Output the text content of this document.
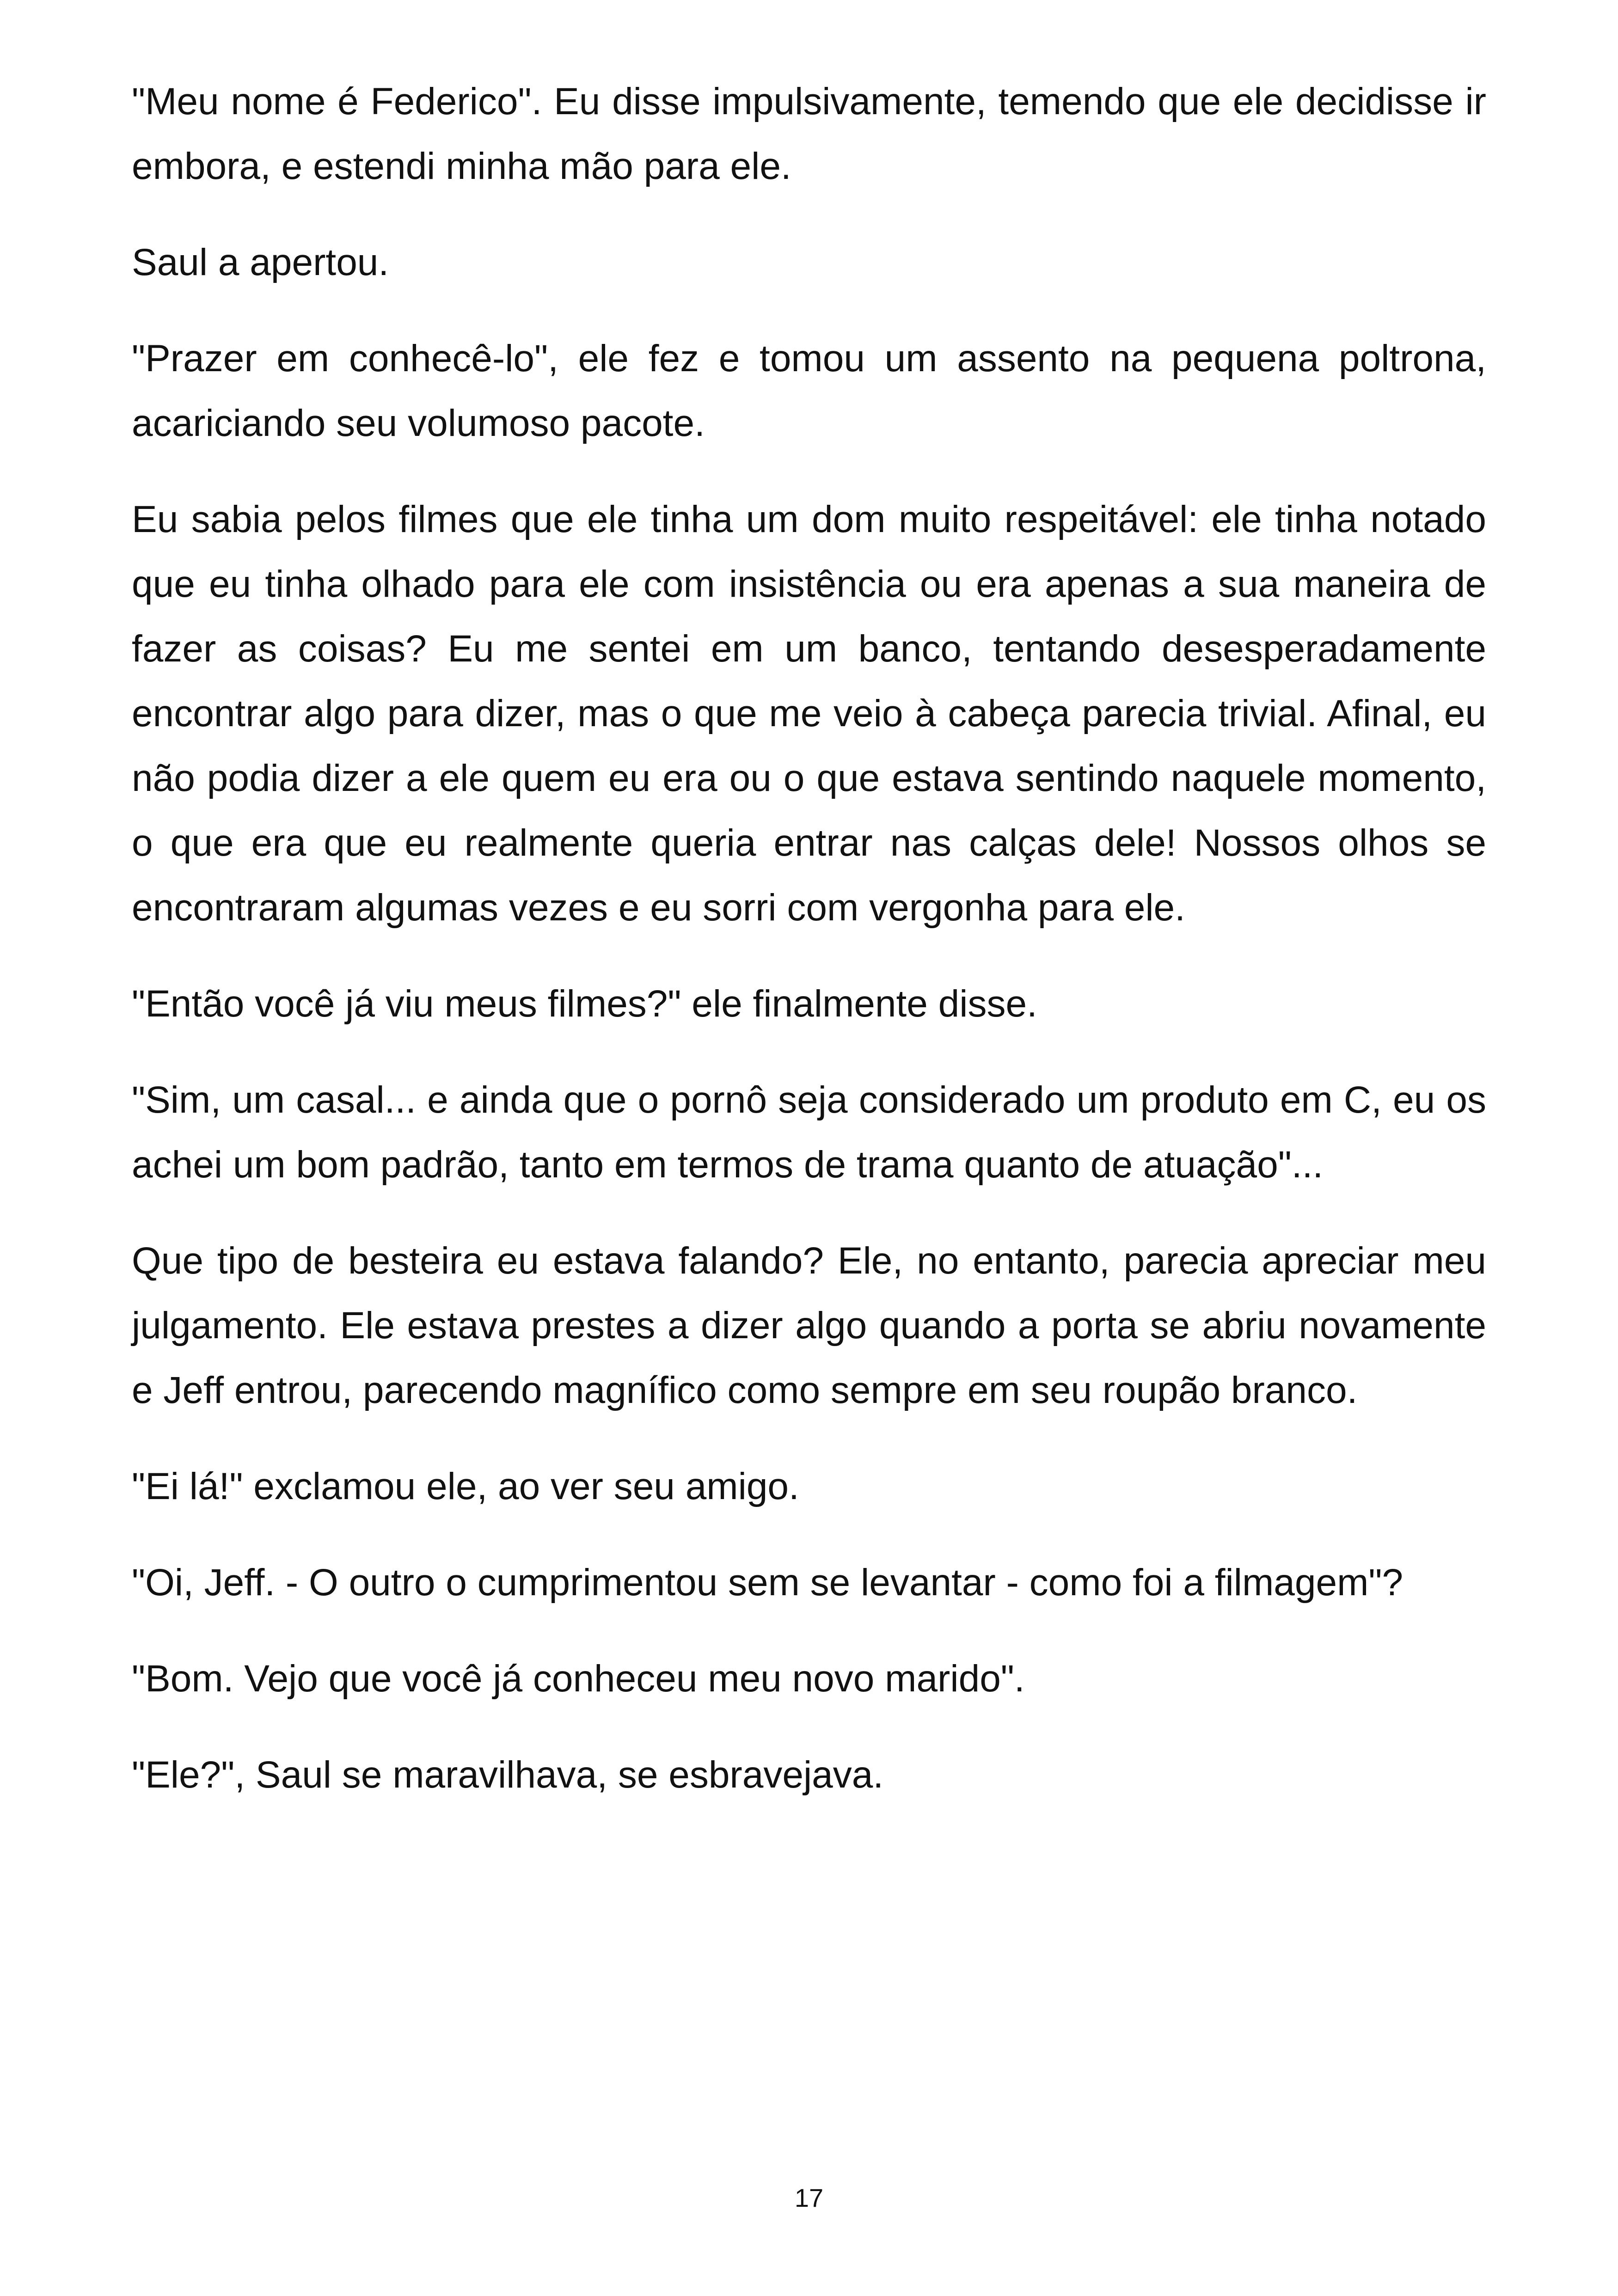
"Meu nome é Federico". Eu disse impulsivamente, temendo que ele decidisse ir embora, e estendi minha mão para ele.

Saul a apertou.

"Prazer em conhecê-lo", ele fez e tomou um assento na pequena poltrona, acariciando seu volumoso pacote.

Eu sabia pelos filmes que ele tinha um dom muito respeitável: ele tinha notado que eu tinha olhado para ele com insistência ou era apenas a sua maneira de fazer as coisas? Eu me sentei em um banco, tentando desesperadamente encontrar algo para dizer, mas o que me veio à cabeça parecia trivial. Afinal, eu não podia dizer a ele quem eu era ou o que estava sentindo naquele momento, o que era que eu realmente queria entrar nas calças dele! Nossos olhos se encontraram algumas vezes e eu sorri com vergonha para ele.

"Então você já viu meus filmes?" ele finalmente disse.

"Sim, um casal... e ainda que o pornô seja considerado um produto em C, eu os achei um bom padrão, tanto em termos de trama quanto de atuação"...

Que tipo de besteira eu estava falando? Ele, no entanto, parecia apreciar meu julgamento. Ele estava prestes a dizer algo quando a porta se abriu novamente e Jeff entrou, parecendo magnífico como sempre em seu roupão branco.

"Ei lá!" exclamou ele, ao ver seu amigo.

"Oi, Jeff. - O outro o cumprimentou sem se levantar - como foi a filmagem"?

"Bom. Vejo que você já conheceu meu novo marido".

"Ele?", Saul se maravilhava, se esbravejava.

17
